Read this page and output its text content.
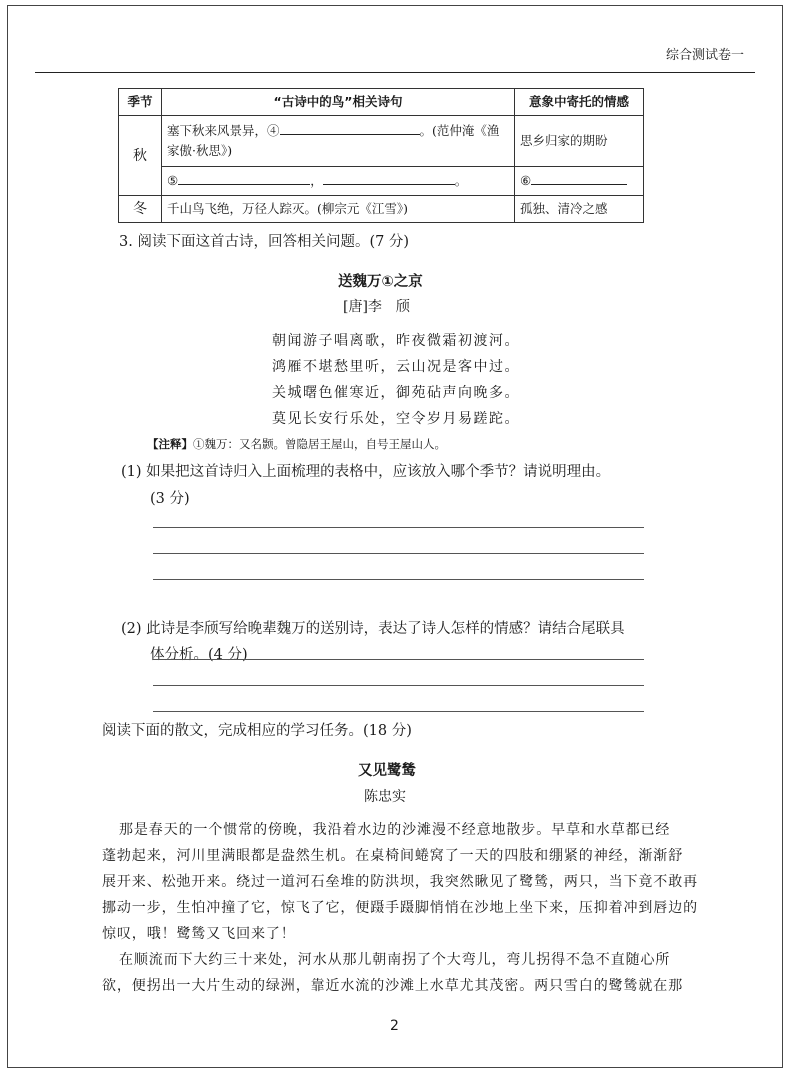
综合测试卷一
季节	“古诗中的鸟”相关诗句	意象中寄托的情感
秋	塞下秋来风景异，④ 。(范仲淹《渔家傲·秋思》)	思乡归家的期盼
	⑤ ， 。	⑥
冬	千山鸟飞绝，万径人踪灭。(柳宗元《江雪》)	孤独、清冷之感
3. 阅读下面这首古诗，回答相关问题。(7 分)
送魏万①之京
[唐]李　颀
朝闻游子唱离歌，昨夜微霜初渡河。
鸿雁不堪愁里听，云山况是客中过。
关城曙色催寒近，御苑砧声向晚多。
莫见长安行乐处，空令岁月易蹉跎。
【注释】①魏万：又名颢。曾隐居王屋山，自号王屋山人。
(1) 如果把这首诗归入上面梳理的表格中，应该放入哪个季节？请说明理由。
(3 分)
(2) 此诗是李颀写给晚辈魏万的送别诗，表达了诗人怎样的情感？请结合尾联具
体分析。(4 分)
阅读下面的散文，完成相应的学习任务。(18 分)
又见鹭鸶
陈忠实
那是春天的一个惯常的傍晚，我沿着水边的沙滩漫不经意地散步。早草和水草都已经
蓬勃起来，河川里满眼都是盎然生机。在桌椅间蜷窝了一天的四肢和绷紧的神经，渐渐舒
展开来、松弛开来。绕过一道河石垒堆的防洪坝，我突然瞅见了鹭鸶，两只，当下竟不敢再
挪动一步，生怕冲撞了它，惊飞了它，便蹑手蹑脚悄悄在沙地上坐下来，压抑着冲到唇边的
惊叹，哦！鹭鸶又飞回来了！
在顺流而下大约三十来处，河水从那儿朝南拐了个大弯儿，弯儿拐得不急不直随心所
欲，便拐出一大片生动的绿洲，靠近水流的沙滩上水草尤其茂密。两只雪白的鹭鸶就在那
2
